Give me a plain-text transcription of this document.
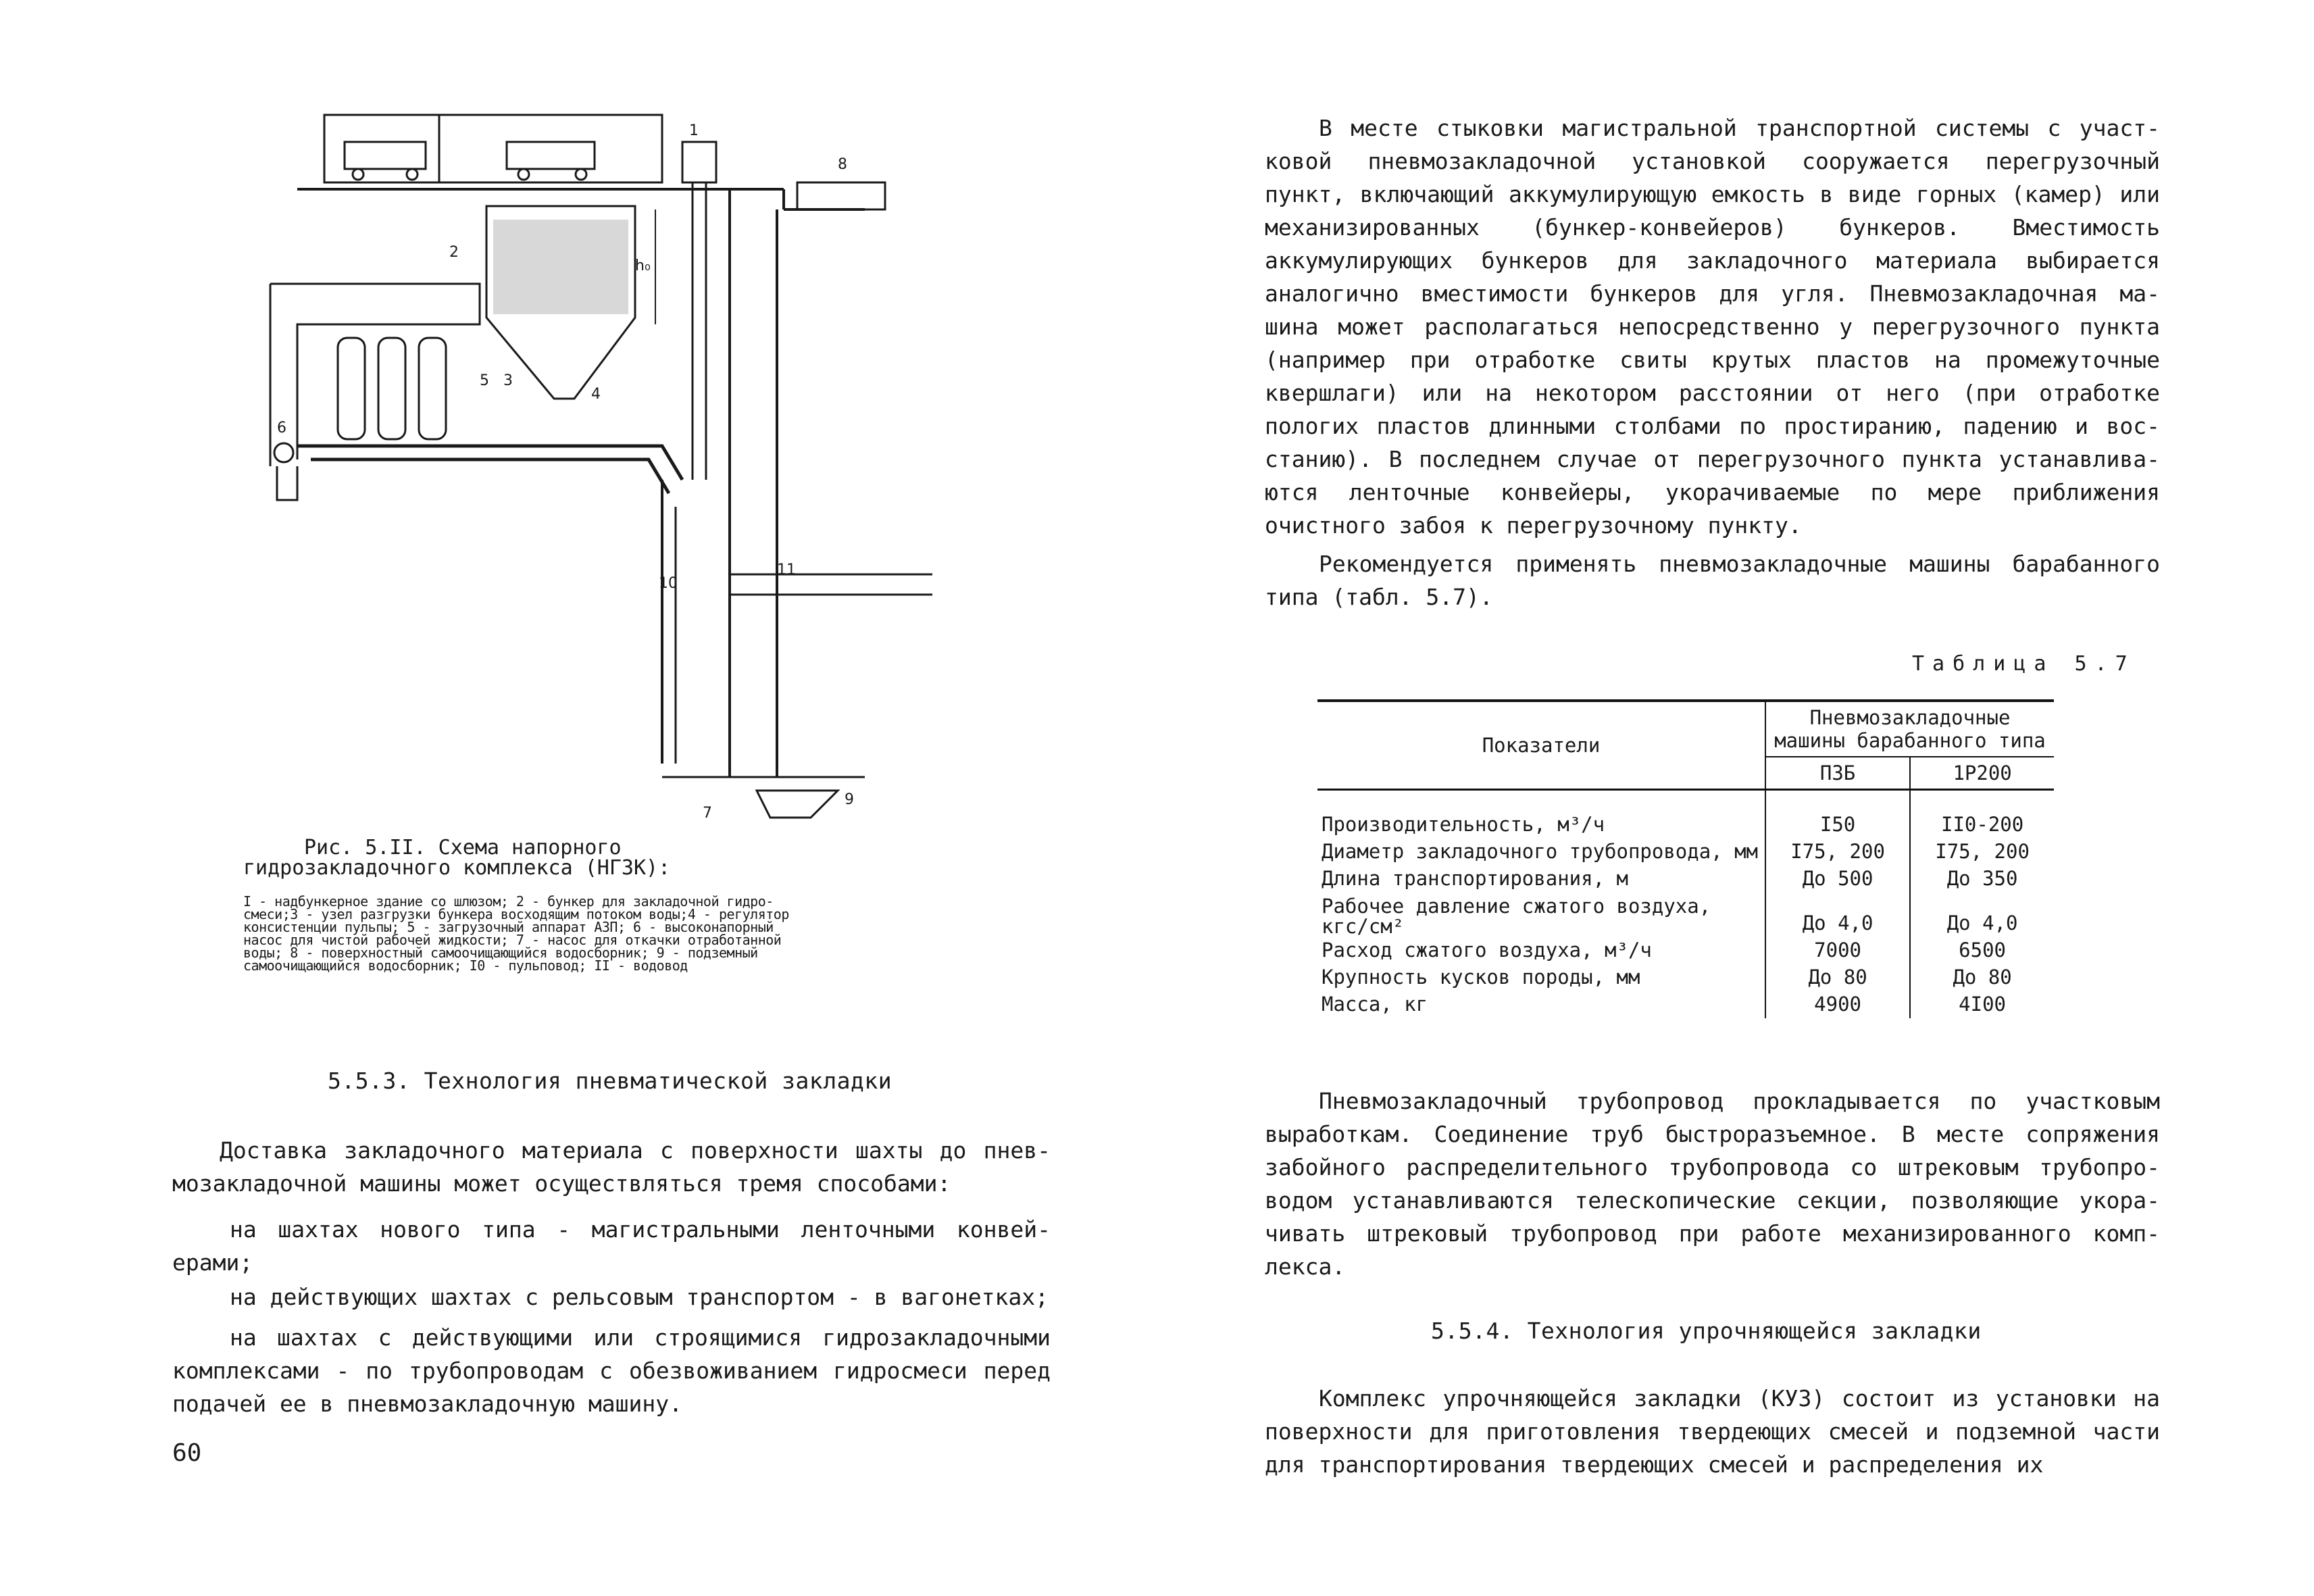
1
2
3
4
5
6
7
8
9
10
11
h₀
Рис. 5.II. Схема напорного
гидрозакладочного комплекса (НГЗК):
I - надбункерное здание со шлюзом; 2 - бункер для закладочной гидро-
смеси;3 - узел разгрузки бункера восходящим потоком воды;4 - регулятор
консистенции пульпы; 5 - загрузочный аппарат АЗП; 6 - высоконапорный
насос для чистой рабочей жидкости; 7 - насос для откачки отработанной
воды; 8 - поверхностный самоочищающийся водосборник; 9 - подземный
самоочищающийся водосборник; I0 - пульповод; II - водовод
5.5.3. Технология пневматической закладки
Доставка закладочного материала с поверхности шахты до пнев-мозакладочной машины может осуществляться тремя способами:
на шахтах нового типа - магистральными ленточными конвей-ерами;
на действующих шахтах с рельсовым транспортом - в вагонетках;
на шахтах с действующими или строящимися гидрозакладочными комплексами - по трубопроводам с обезвоживанием гидросмеси перед подачей ее в пневмозакладочную машину.
60
В месте стыковки магистральной транспортной системы с участ-ковой пневмозакладочной установкой сооружается перегрузочный пункт, включающий аккумулирующую емкость в виде горных (камер) или механизированных (бункер-конвейеров) бункеров. Вместимость аккумулирующих бункеров для закладочного материала выбирается аналогично вместимости бункеров для угля. Пневмозакладочная ма-шина может располагаться непосредственно у перегрузочного пункта (например при отработке свиты крутых пластов на промежуточные квершлаги) или на некотором расстоянии от него (при отработке пологих пластов длинными столбами по простиранию, падению и вос-станию). В последнем случае от перегрузочного пункта устанавлива-ются ленточные конвейеры, укорачиваемые по мере приближения очистного забоя к перегрузочному пункту.
Рекомендуется применять пневмозакладочные машины барабанного типа (табл. 5.7).
Таблица 5.7
Показатели	Пневмозакладочные машины барабанного типа	
	П3Б	1Р200
Производительность, м³/ч	I50	II0-200
Диаметр закладочного трубопровода, мм	I75, 200	I75, 200
Длина транспортирования, м	До 500	До 350
Рабочее давление сжатого воздуха, кгс/см²	До 4,0	До 4,0
Расход сжатого воздуха, м³/ч	7000	6500
Крупность кусков породы, мм	До 80	До 80
Масса, кг	4900	4I00
Пневмозакладочный трубопровод прокладывается по участковым выработкам. Соединение труб быстроразъемное. В месте сопряжения забойного распределительного трубопровода со штрековым трубопро-водом устанавливаются телескопические секции, позволяющие укора-чивать штрековый трубопровод при работе механизированного комп-лекса.
5.5.4. Технология упрочняющейся закладки
Комплекс упрочняющейся закладки (КУЗ) состоит из установки на поверхности для приготовления твердеющих смесей и подземной части для транспортирования твердеющих смесей и распределения их
